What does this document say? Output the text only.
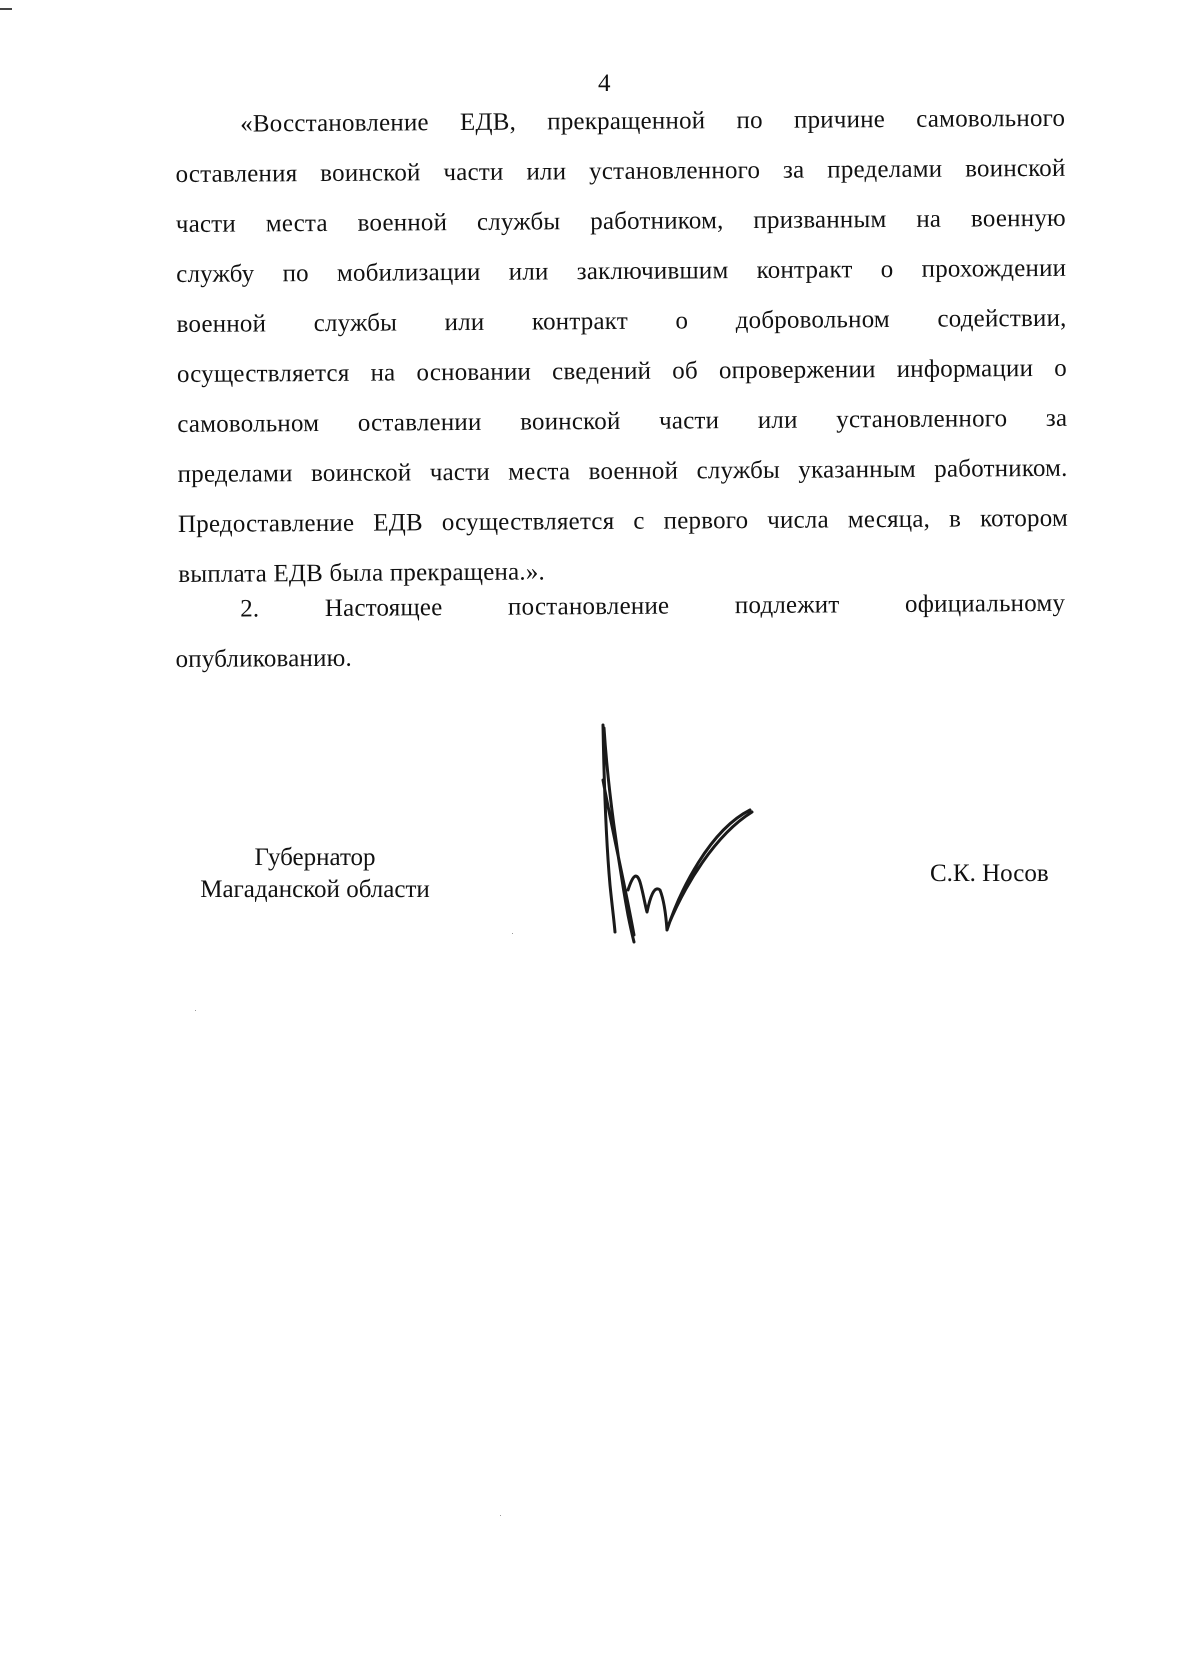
4
«Восстановление ЕДВ, прекращенной по причине самовольного
оставления воинской части или установленного за пределами воинской
части места военной службы работником, призванным на военную
службу по мобилизации или заключившим контракт о прохождении
военной службы или контракт о добровольном содействии,
осуществляется на основании сведений об опровержении информации о
самовольном оставлении воинской части или установленного за
пределами воинской части места военной службы указанным работником.
Предоставление ЕДВ осуществляется с первого числа месяца, в котором
выплата ЕДВ была прекращена.».
2. Настоящее постановление подлежит официальному
опубликованию.
Губернатор
Магаданской области
С.К. Носов
